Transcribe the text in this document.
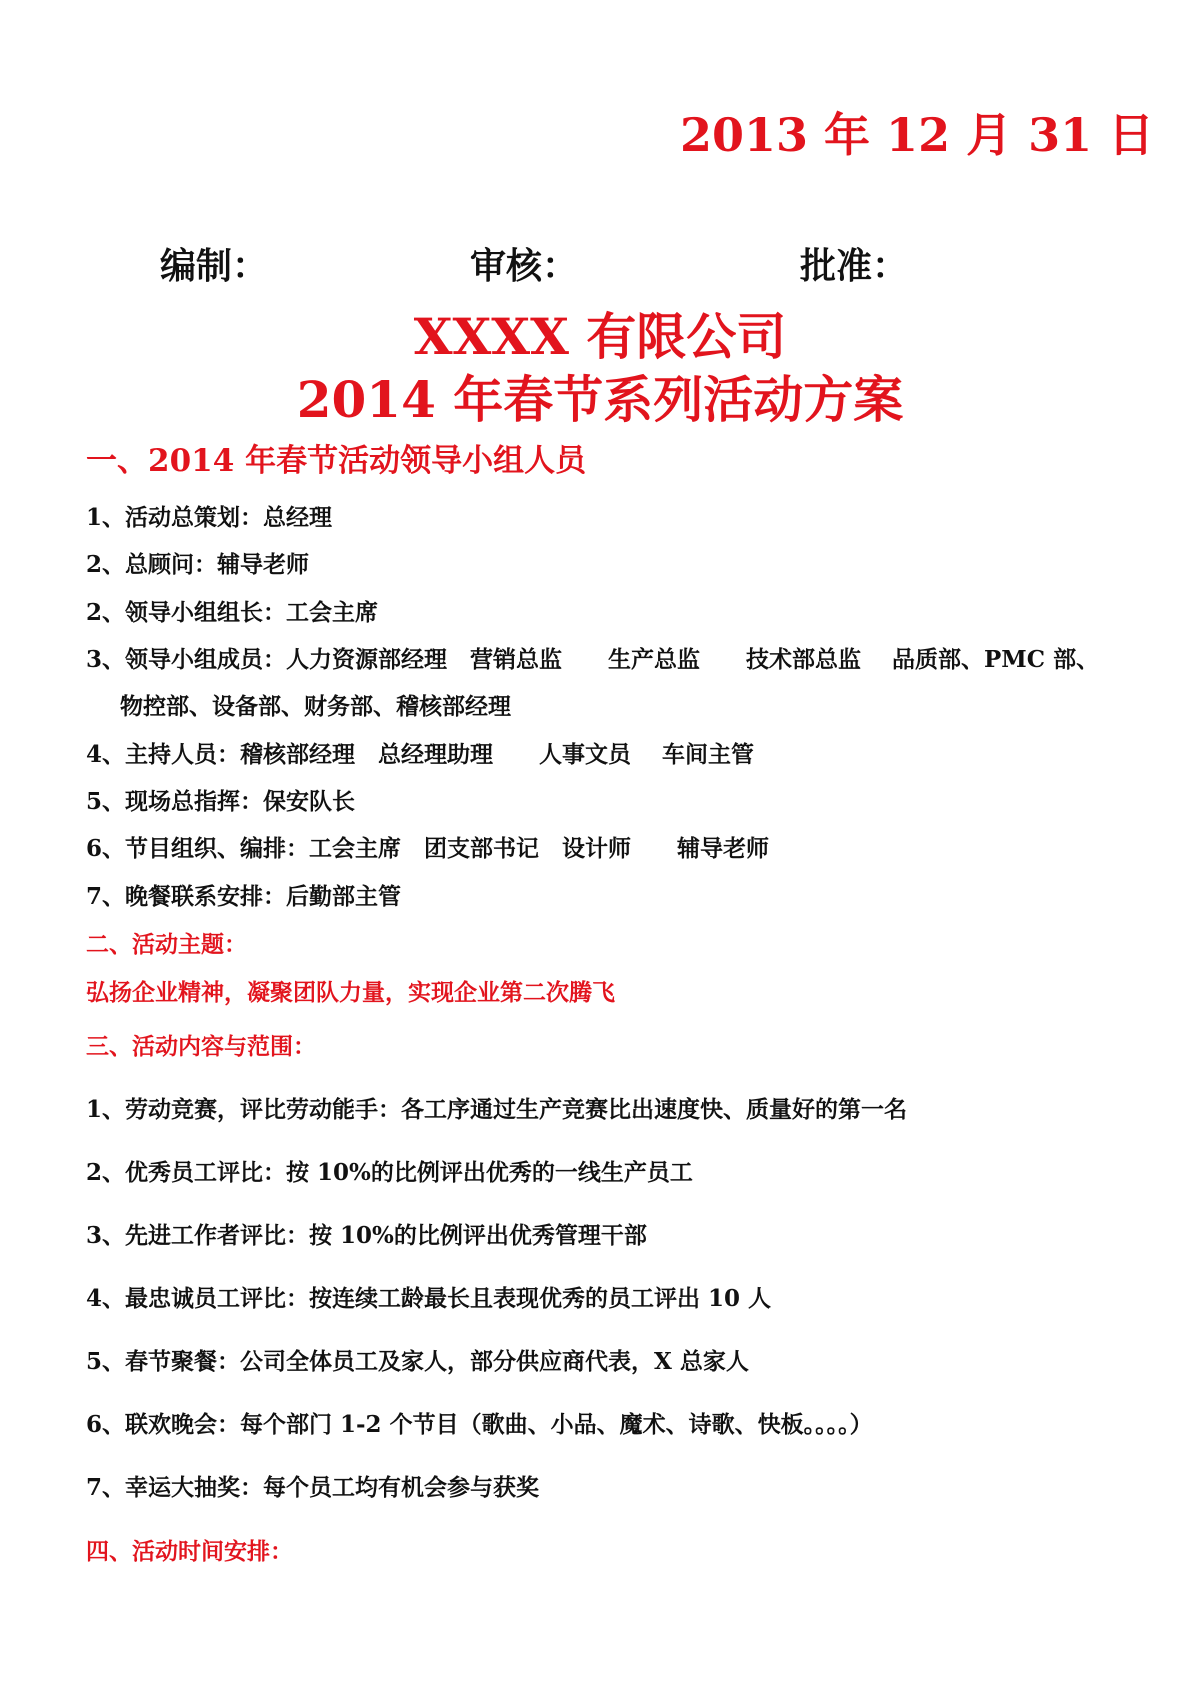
2013 年 12 月 31 日
编制：	审核：	批准：
XXXX 有限公司
2014 年春节系列活动方案
一、2014 年春节活动领导小组人员
1、活动总策划：总经理
2、总顾问：辅导老师
2、领导小组组长：工会主席
3、领导小组成员：人力资源部经理　营销总监　　生产总监　　技术部总监　 品质部、PMC 部、
物控部、设备部、财务部、稽核部经理
4、主持人员：稽核部经理　总经理助理　　人事文员　 车间主管
5、现场总指挥：保安队长
6、节目组织、编排：工会主席　团支部书记　设计师　　辅导老师
7、晚餐联系安排：后勤部主管
二、活动主题：
弘扬企业精神，凝聚团队力量，实现企业第二次腾飞
三、活动内容与范围：
1、劳动竞赛，评比劳动能手：各工序通过生产竞赛比出速度快、质量好的第一名
2、优秀员工评比：按 10%的比例评出优秀的一线生产员工
3、先进工作者评比：按 10%的比例评出优秀管理干部
4、最忠诚员工评比：按连续工龄最长且表现优秀的员工评出 10 人
5、春节聚餐：公司全体员工及家人，部分供应商代表，X 总家人
6、联欢晚会：每个部门 1-2 个节目（歌曲、小品、魔术、诗歌、快板。。。。）
7、幸运大抽奖：每个员工均有机会参与获奖
四、活动时间安排：
